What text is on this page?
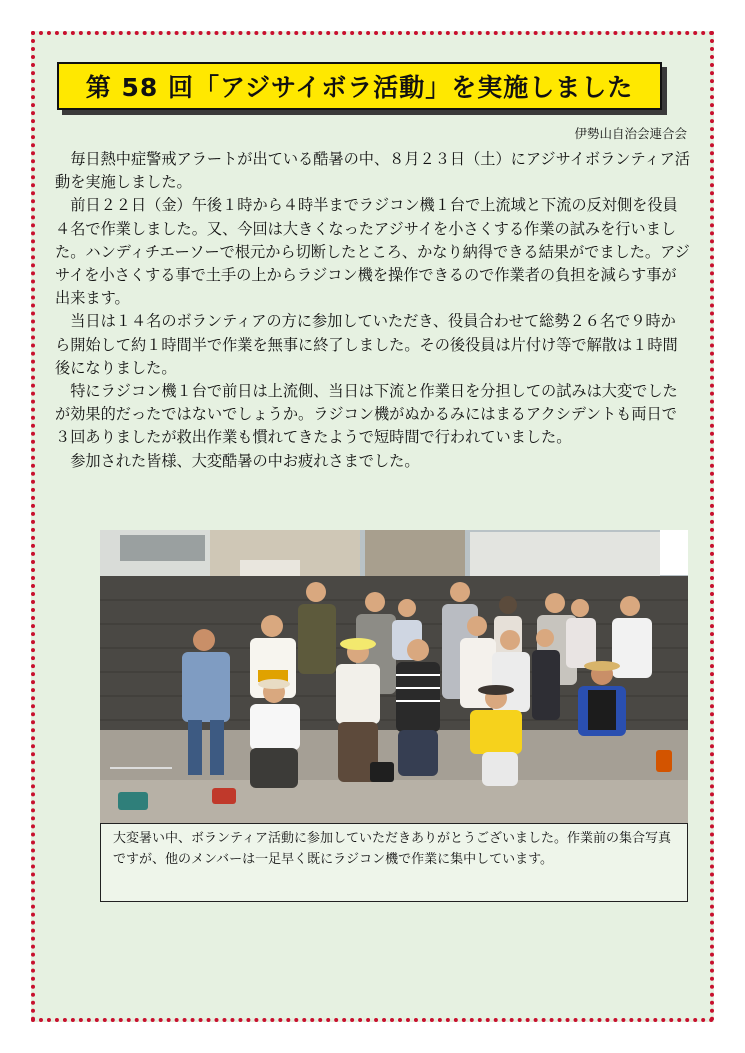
第 58 回「アジサイボラ活動」を実施しました
伊勢山自治会連合会

毎日熱中症警戒アラートが出ている酷暑の中、８月２３日（土）にアジサイボランティア活動を実施しました。

前日２２日（金）午後１時から４時半までラジコン機１台で上流域と下流の反対側を役員４名で作業しました。又、今回は大きくなったアジサイを小さくする作業の試みを行いました。ハンディチエーソーで根元から切断したところ、かなり納得できる結果がでました。アジサイを小さくする事で土手の上からラジコン機を操作できるので作業者の負担を減らす事が出来ます。

当日は１４名のボランティアの方に参加していただき、役員合わせて総勢２６名で９時から開始して約１時間半で作業を無事に終了しました。その後役員は片付け等で解散は１時間後になりました。

特にラジコン機１台で前日は上流側、当日は下流と作業日を分担しての試みは大変でしたが効果的だったではないでしょうか。ラジコン機がぬかるみにはまるアクシデントも両日で３回ありましたが救出作業も慣れてきたようで短時間で行われていました。

参加された皆様、大変酷暑の中お疲れさまでした。

大変暑い中、ボランティア活動に参加していただきありがとうございました。作業前の集合写真ですが、他のメンバーは一足早く既にラジコン機で作業に集中しています。
